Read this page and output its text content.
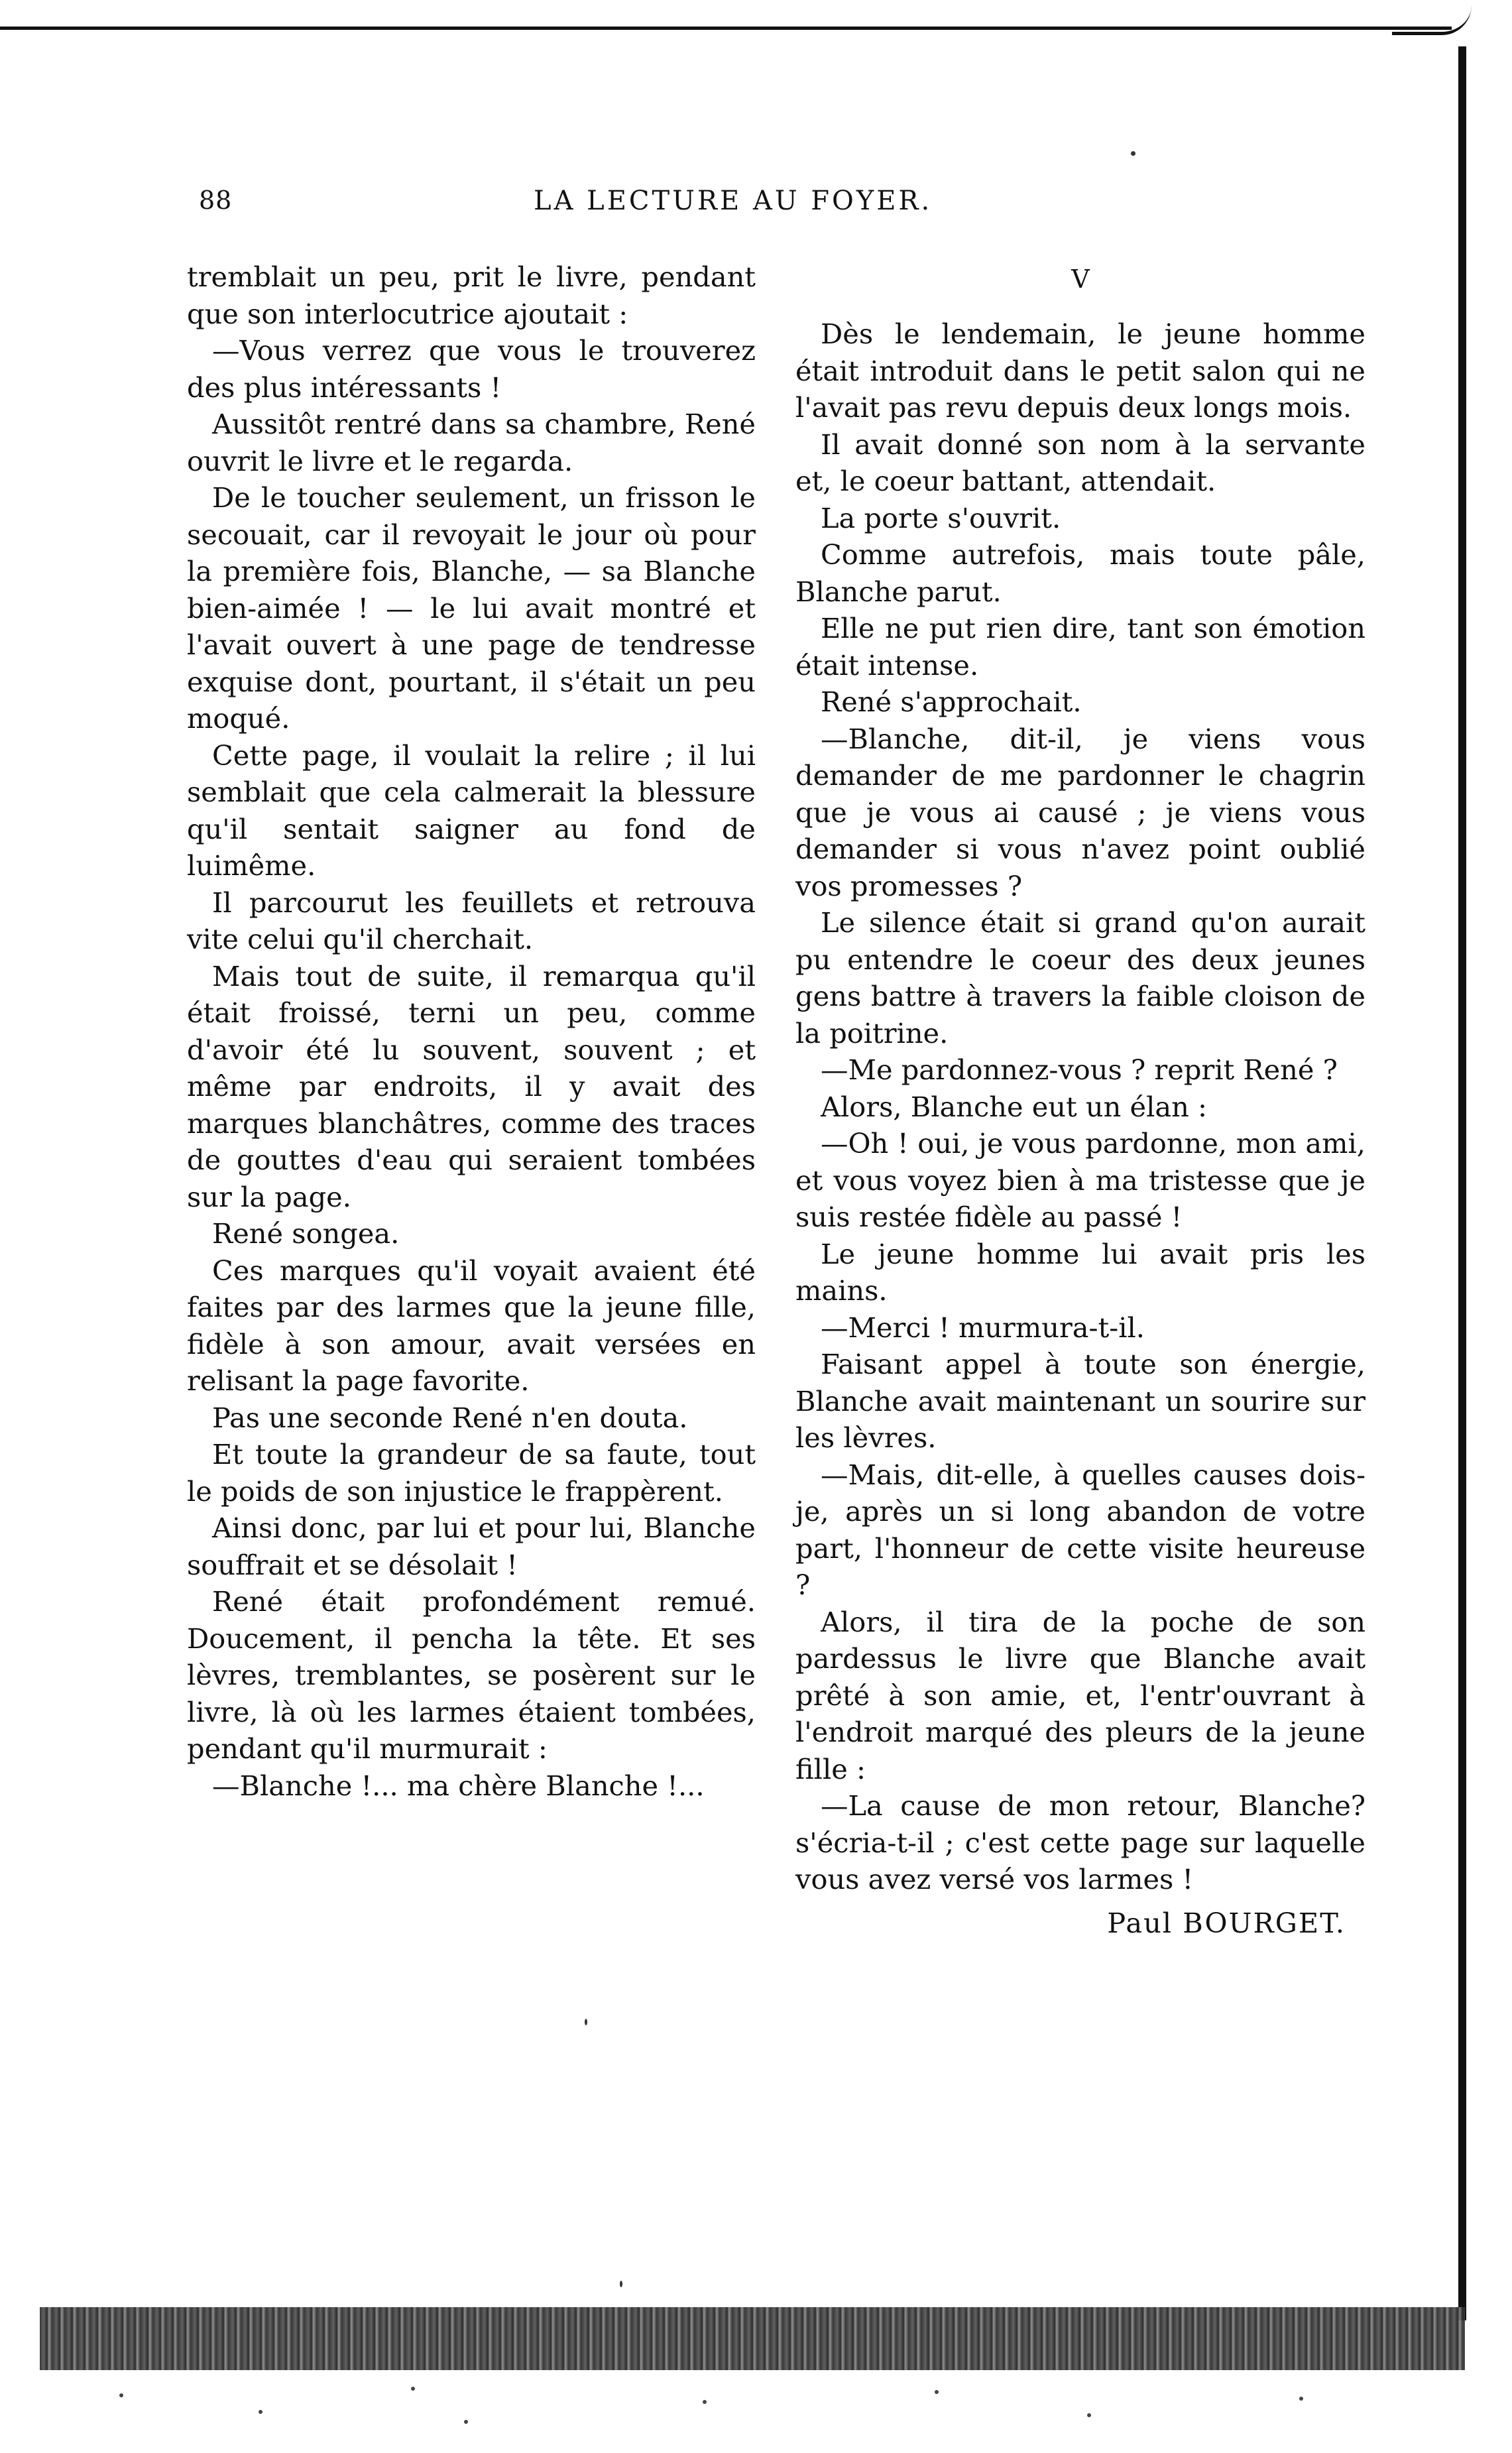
88	LA LECTURE AU FOYER.

tremblait un peu, prit le livre, pendant que son interlocutrice ajoutait :

—Vous verrez que vous le trouverez des plus intéressants !

Aussitôt rentré dans sa chambre, René ouvrit le livre et le regarda.

De le toucher seulement, un frisson le secouait, car il revoyait le jour où pour la première fois, Blanche, — sa Blanche bien-aimée ! — le lui avait montré et l'avait ouvert à une page de tendresse exquise dont, pourtant, il s'était un peu moqué.

Cette page, il voulait la relire ; il lui semblait que cela calmerait la blessure qu'il sentait saigner au fond de luimême.

Il parcourut les feuillets et retrouva vite celui qu'il cherchait.

Mais tout de suite, il remarqua qu'il était froissé, terni un peu, comme d'avoir été lu souvent, souvent ; et même par endroits, il y avait des marques blanchâtres, comme des traces de gouttes d'eau qui seraient tombées sur la page.

René songea.

Ces marques qu'il voyait avaient été faites par des larmes que la jeune fille, fidèle à son amour, avait versées en relisant la page favorite.

Pas une seconde René n'en douta.

Et toute la grandeur de sa faute, tout le poids de son injustice le frappèrent.

Ainsi donc, par lui et pour lui, Blanche souffrait et se désolait !

René était profondément remué. Doucement, il pencha la tête. Et ses lèvres, tremblantes, se posèrent sur le livre, là où les larmes étaient tombées, pendant qu'il murmurait :

—Blanche !... ma chère Blanche !...

V

Dès le lendemain, le jeune homme était introduit dans le petit salon qui ne l'avait pas revu depuis deux longs mois.

Il avait donné son nom à la servante et, le coeur battant, attendait.

La porte s'ouvrit.

Comme autrefois, mais toute pâle, Blanche parut.

Elle ne put rien dire, tant son émotion était intense.

René s'approchait.

—Blanche, dit-il, je viens vous demander de me pardonner le chagrin que je vous ai causé ; je viens vous demander si vous n'avez point oublié vos promesses ?

Le silence était si grand qu'on aurait pu entendre le coeur des deux jeunes gens battre à travers la faible cloison de la poitrine.

—Me pardonnez-vous ? reprit René ?

Alors, Blanche eut un élan :

—Oh ! oui, je vous pardonne, mon ami, et vous voyez bien à ma tristesse que je suis restée fidèle au passé !

Le jeune homme lui avait pris les mains.

—Merci ! murmura-t-il.

Faisant appel à toute son énergie, Blanche avait maintenant un sourire sur les lèvres.

—Mais, dit-elle, à quelles causes dois-je, après un si long abandon de votre part, l'honneur de cette visite heureuse ?

Alors, il tira de la poche de son pardessus le livre que Blanche avait prêté à son amie, et, l'entr'ouvrant à l'endroit marqué des pleurs de la jeune fille :

—La cause de mon retour, Blanche? s'écria-t-il ; c'est cette page sur laquelle vous avez versé vos larmes !

Paul BOURGET.
